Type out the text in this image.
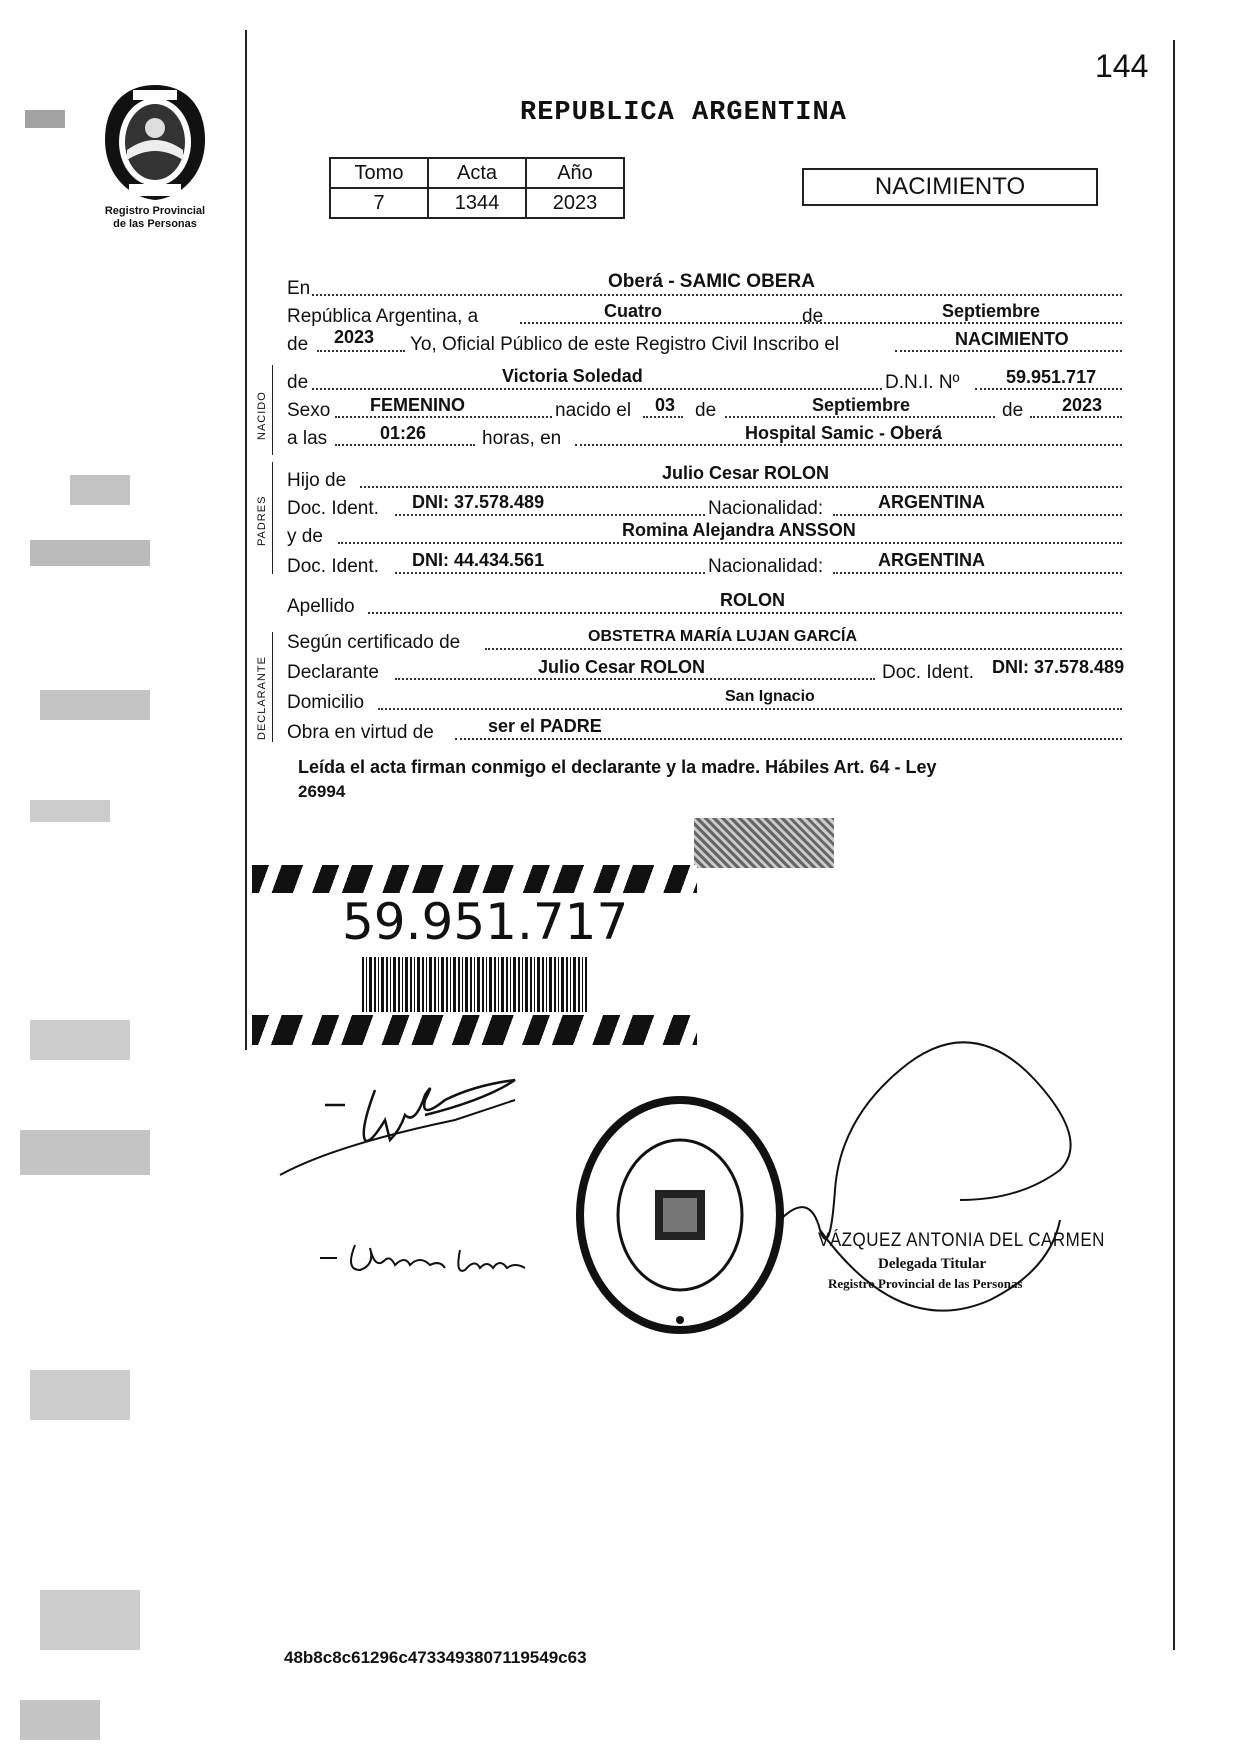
144
Registro Provincial
de las Personas
REPUBLICA ARGENTINA
Tomo	Acta	Año
7	1344	2023
NACIMIENTO
NACIDO
PADRES
DECLARANTE
En	Oberá - SAMIC OBERA
República Argentina, a	Cuatro	de	Septiembre
de 2023 Yo, Oficial Público de este Registro Civil Inscribo el	NACIMIENTO
de	Victoria Soledad	D.N.I. Nº	59.951.717
Sexo FEMENINO	nacido el 03 de	Septiembre	de 2023
a las	01:26	horas, en	Hospital Samic - Oberá
Hijo de	Julio Cesar ROLON
Doc. Ident. DNI: 37.578.489	Nacionalidad:	ARGENTINA
y de	Romina Alejandra ANSSON
Doc. Ident. DNI: 44.434.561	Nacionalidad:	ARGENTINA
Apellido	ROLON
Según certificado de	OBSTETRA MARÍA LUJAN GARCÍA
Declarante	Julio Cesar ROLON	Doc. Ident. DNI: 37.578.489
Domicilio	San Ignacio
Obra en virtud de	ser el PADRE
Leída el acta firman conmigo el declarante y la madre. Hábiles Art. 64 - Ley
26994
59.951.717
VÁZQUEZ ANTONIA DEL CARMEN
Delegada Titular
Registro Provincial de las Personas
48b8c8c61296c4733493807119549c63
